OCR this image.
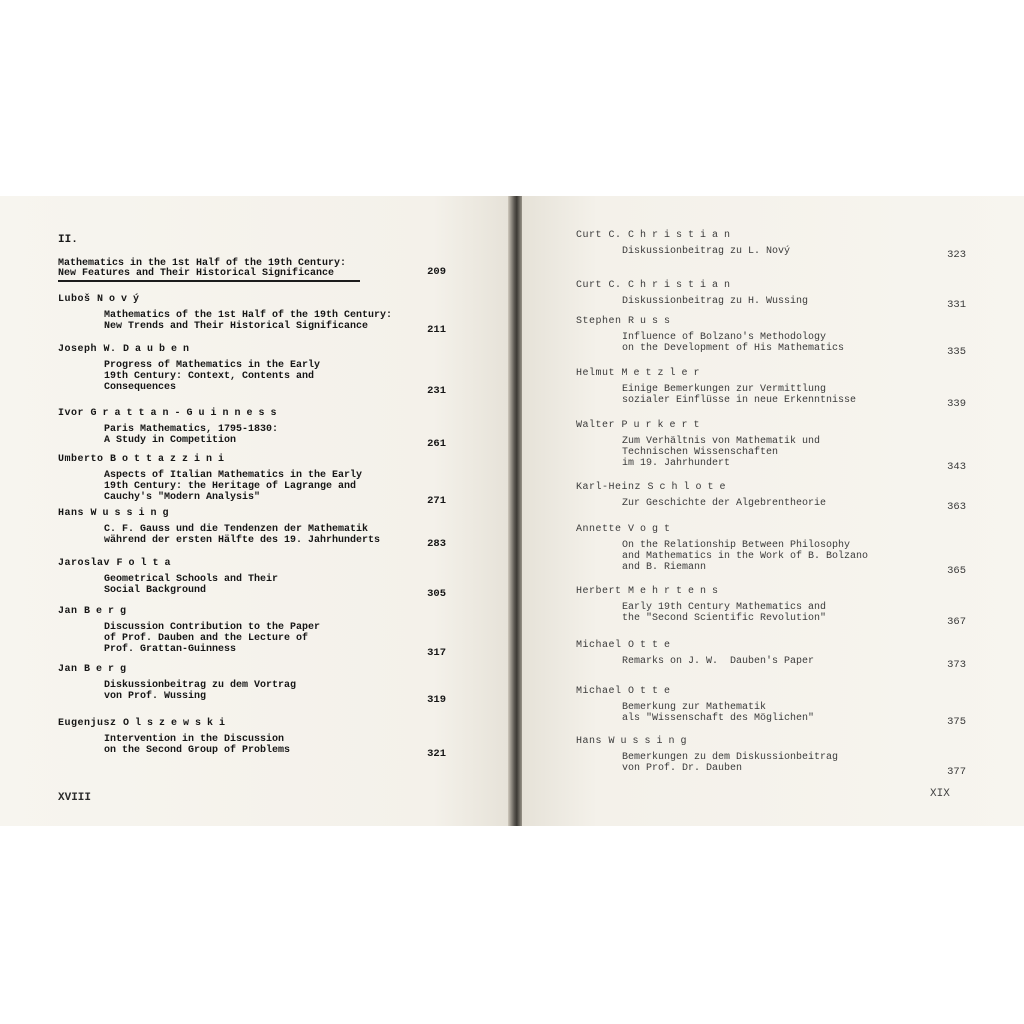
II.
Mathematics in the 1st Half of the 19th Century:
New Features and Their Historical Significance	209
Luboš Nový
Mathematics of the 1st Half of the 19th Century:
New Trends and Their Historical Significance	211
Joseph W. Dauben
Progress of Mathematics in the Early
19th Century: Context, Contents and
Consequences	231
Ivor Grattan-Guinness
Paris Mathematics, 1795-1830:
A Study in Competition	261
Umberto Bottazzini
Aspects of Italian Mathematics in the Early
19th Century: the Heritage of Lagrange and
Cauchy's "Modern Analysis"	271
Hans Wussing
C. F. Gauss und die Tendenzen der Mathematik
während der ersten Hälfte des 19. Jahrhunderts	283
Jaroslav Folta
Geometrical Schools and Their
Social Background	305
Jan Berg
Discussion Contribution to the Paper
of Prof. Dauben and the Lecture of
Prof. Grattan-Guinness	317
Jan Berg
Diskussionbeitrag zu dem Vortrag
von Prof. Wussing	319
Eugenjusz Olszewski
Intervention in the Discussion
on the Second Group of Problems	321
XVIII
Curt C. Christian
Diskussionbeitrag zu L. Nový	323
Curt C. Christian
Diskussionbeitrag zu H. Wussing	331
Stephen Russ
Influence of Bolzano's Methodology
on the Development of His Mathematics	335
Helmut Metzler
Einige Bemerkungen zur Vermittlung
sozialer Einflüsse in neue Erkenntnisse	339
Walter Purkert
Zum Verhältnis von Mathematik und
Technischen Wissenschaften
im 19. Jahrhundert	343
Karl-Heinz Schlote
Zur Geschichte der Algebrentheorie	363
Annette Vogt
On the Relationship Between Philosophy
and Mathematics in the Work of B. Bolzano
and B. Riemann	365
Herbert Mehrtens
Early 19th Century Mathematics and
the "Second Scientific Revolution"	367
Michael Otte
Remarks on J. W.  Dauben's Paper	373
Michael Otte
Bemerkung zur Mathematik
als "Wissenschaft des Möglichen"	375
Hans Wussing
Bemerkungen zu dem Diskussionbeitrag
von Prof. Dr. Dauben	377
XIX
